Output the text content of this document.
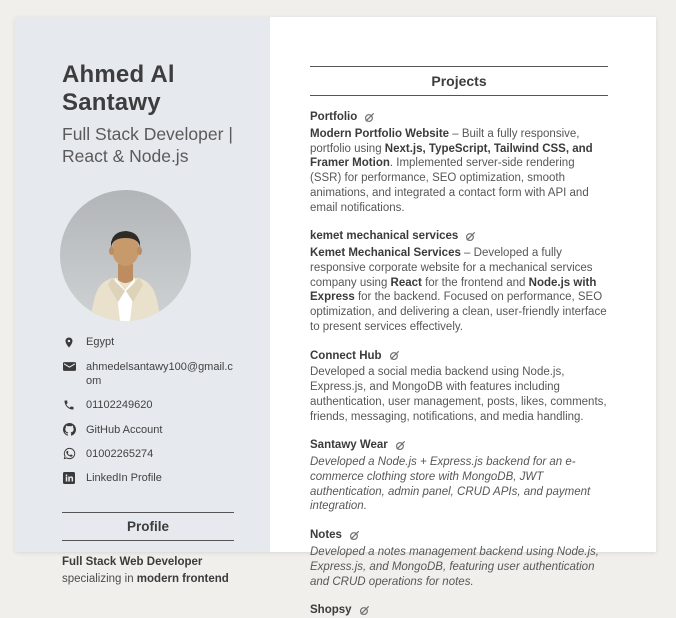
Ahmed Al Santawy
Full Stack Developer | React & Node.js
Egypt
ahmedelsantawy100@gmail.com
01102249620
GitHub Account
01002265274
LinkedIn Profile
Profile
Full Stack Web Developer specializing in modern frontend
Projects
Portfolio
Modern Portfolio Website – Built a fully responsive, portfolio using Next.js, TypeScript, Tailwind CSS, and Framer Motion. Implemented server-side rendering (SSR) for performance, SEO optimization, smooth animations, and integrated a contact form with API and email notifications.
kemet mechanical services
Kemet Mechanical Services – Developed a fully responsive corporate website for a mechanical services company using React for the frontend and Node.js with Express for the backend. Focused on performance, SEO optimization, and delivering a clean, user-friendly interface to present services effectively.
Connect Hub
Developed a social media backend using Node.js, Express.js, and MongoDB with features including authentication, user management, posts, likes, comments, friends, messaging, notifications, and media handling.
Santawy Wear
Developed a Node.js + Express.js backend for an e-commerce clothing store with MongoDB, JWT authentication, admin panel, CRUD APIs, and payment integration.
Notes
Developed a notes management backend using Node.js, Express.js, and MongoDB, featuring user authentication and CRUD operations for notes.
Shopsy
